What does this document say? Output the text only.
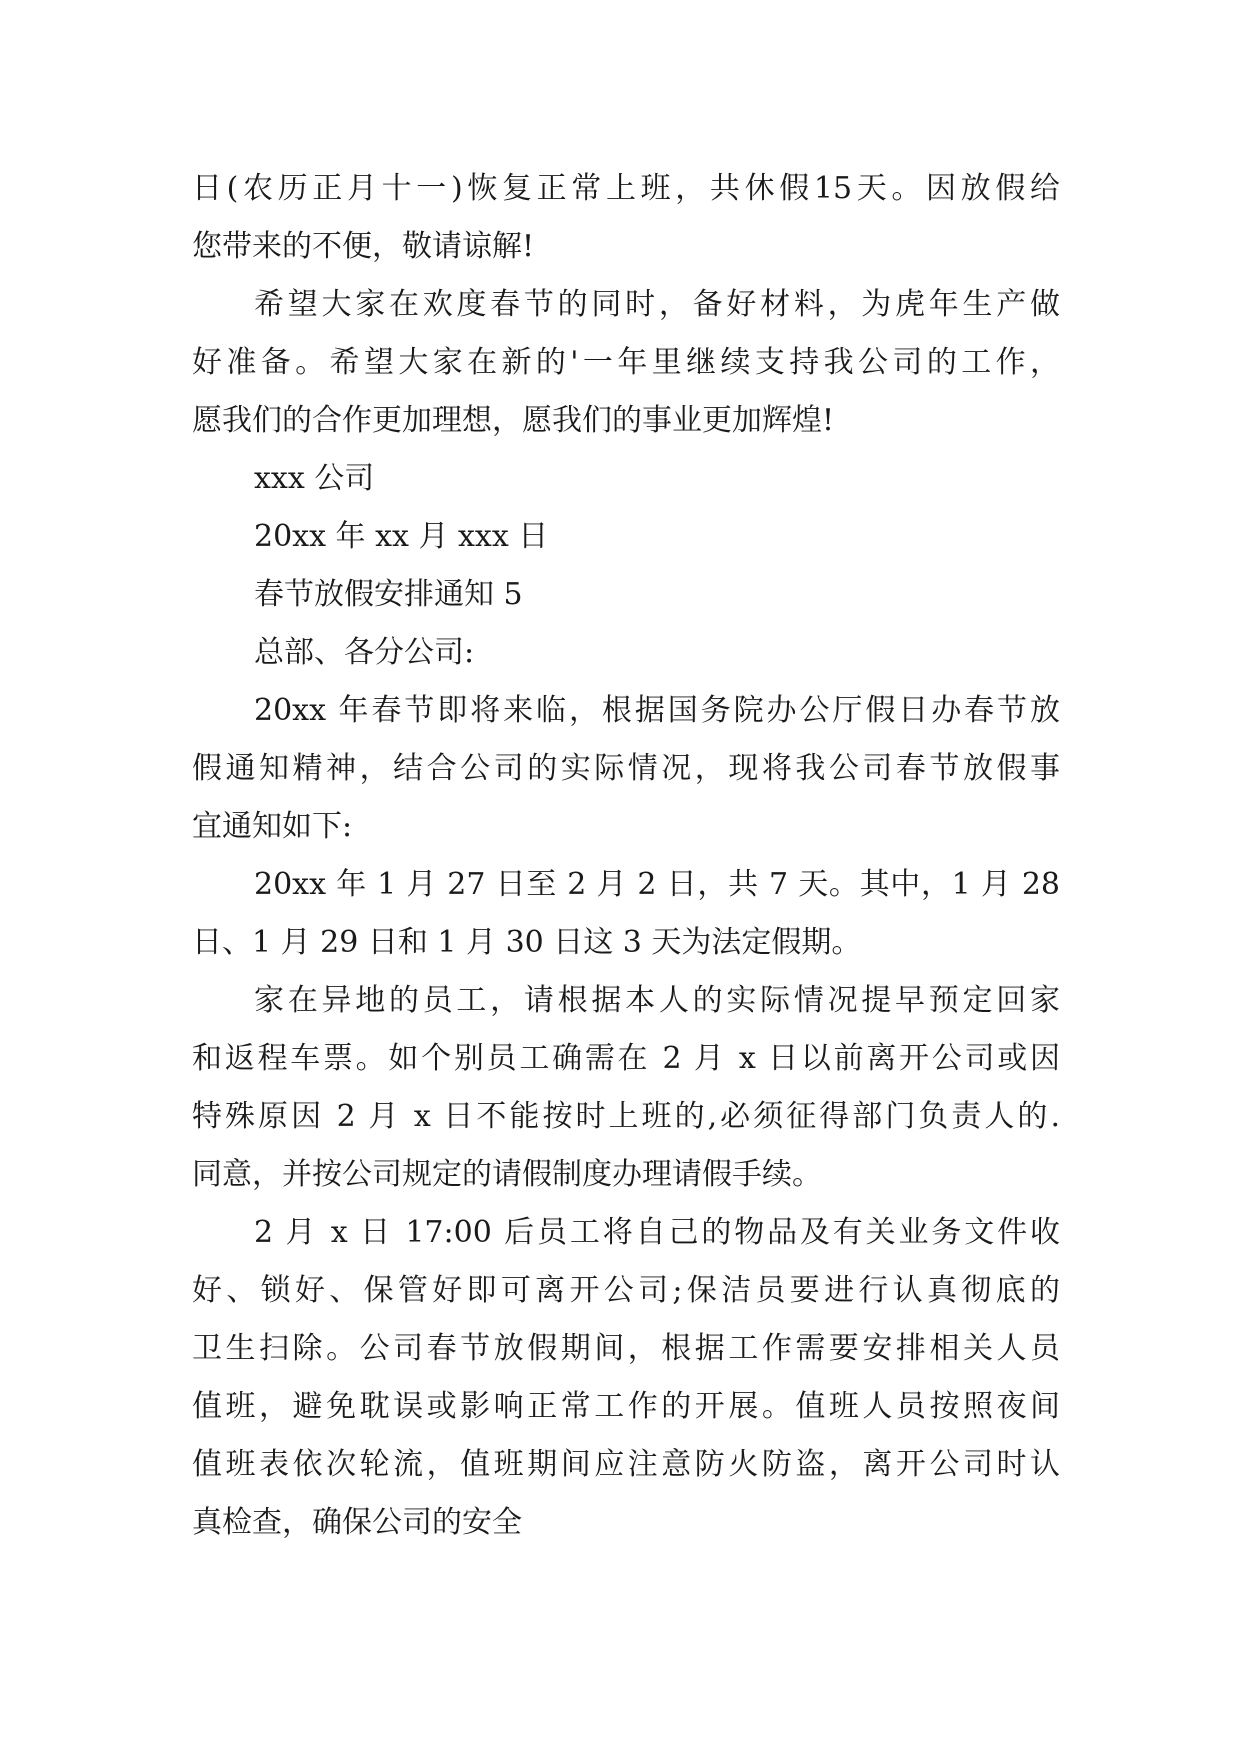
日(农历正月十一)恢复正常上班，共休假15天。因放假给
您带来的不便，敬请谅解!
希望大家在欢度春节的同时，备好材料，为虎年生产做
好准备。希望大家在新的'一年里继续支持我公司的工作，
愿我们的合作更加理想，愿我们的事业更加辉煌!
xxx 公司
20xx 年 xx 月 xxx 日
春节放假安排通知 5
总部、各分公司:
20xx 年春节即将来临，根据国务院办公厅假日办春节放
假通知精神，结合公司的实际情况，现将我公司春节放假事
宜通知如下:
20xx 年 1 月 27 日至 2 月 2 日，共 7 天。其中，1 月 28
日、1 月 29 日和 1 月 30 日这 3 天为法定假期。
家在异地的员工，请根据本人的实际情况提早预定回家
和返程车票。如个别员工确需在 2 月 x 日以前离开公司或因
特殊原因 2 月 x 日不能按时上班的,必须征得部门负责人的.
同意，并按公司规定的请假制度办理请假手续。
2 月 x 日 17:00 后员工将自己的物品及有关业务文件收
好、锁好、保管好即可离开公司;保洁员要进行认真彻底的
卫生扫除。公司春节放假期间，根据工作需要安排相关人员
值班，避免耽误或影响正常工作的开展。值班人员按照夜间
值班表依次轮流，值班期间应注意防火防盗，离开公司时认
真检查，确保公司的安全
